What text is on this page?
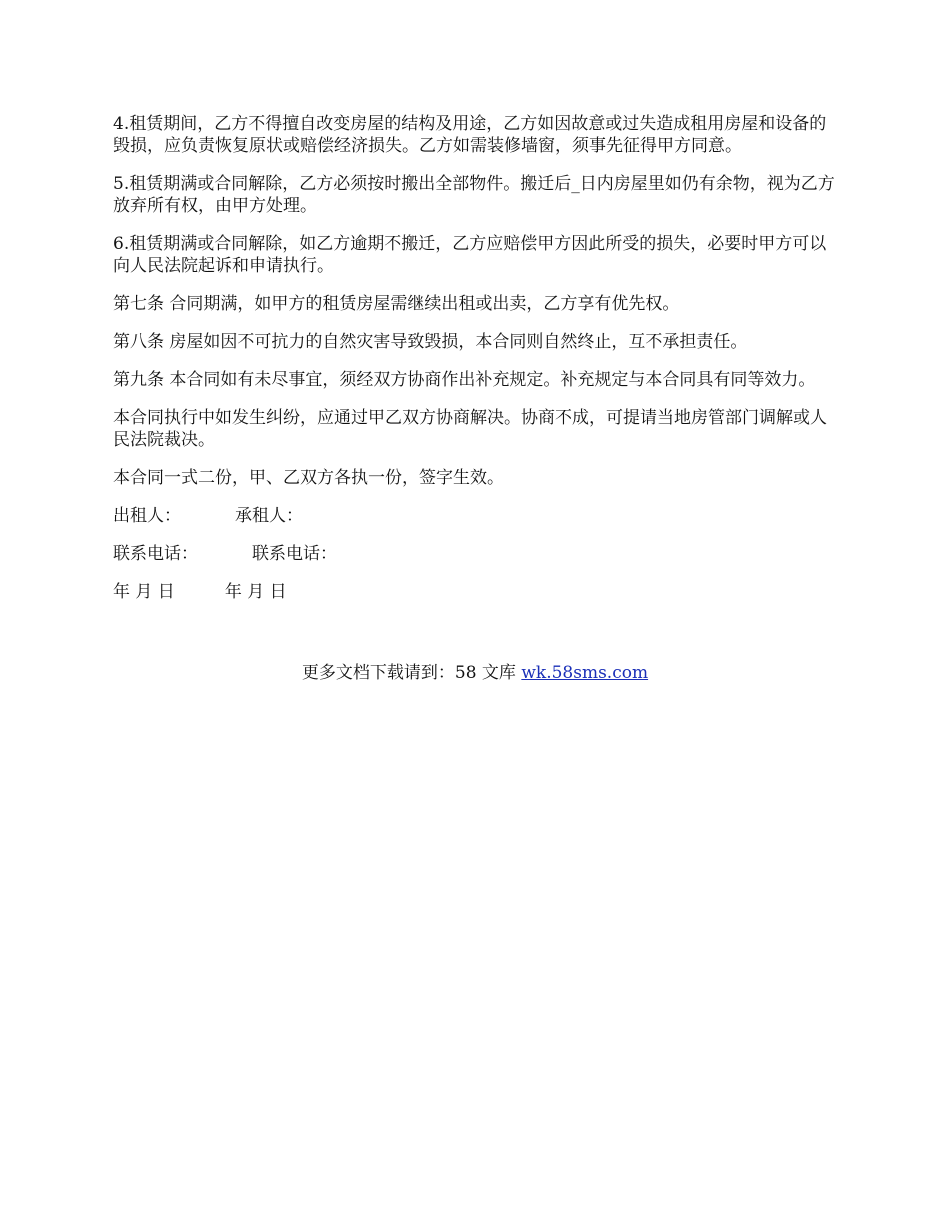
4.租赁期间，乙方不得擅自改变房屋的结构及用途，乙方如因故意或过失造成租用房屋和设备的毁损，应负责恢复原状或赔偿经济损失。乙方如需装修墙窗，须事先征得甲方同意。

5.租赁期满或合同解除，乙方必须按时搬出全部物件。搬迁后_日内房屋里如仍有余物，视为乙方放弃所有权，由甲方处理。

6.租赁期满或合同解除，如乙方逾期不搬迁，乙方应赔偿甲方因此所受的损失，必要时甲方可以向人民法院起诉和申请执行。

第七条 合同期满，如甲方的租赁房屋需继续出租或出卖，乙方享有优先权。

第八条 房屋如因不可抗力的自然灾害导致毁损，本合同则自然终止，互不承担责任。

第九条 本合同如有未尽事宜，须经双方协商作出补充规定。补充规定与本合同具有同等效力。

本合同执行中如发生纠纷，应通过甲乙双方协商解决。协商不成，可提请当地房管部门调解或人民法院裁决。

本合同一式二份，甲、乙双方各执一份，签字生效。

出租人：	承租人：
联系电话：	联系电话：
年 月 日	年 月 日
更多文档下载请到：58 文库 wk.58sms.com
